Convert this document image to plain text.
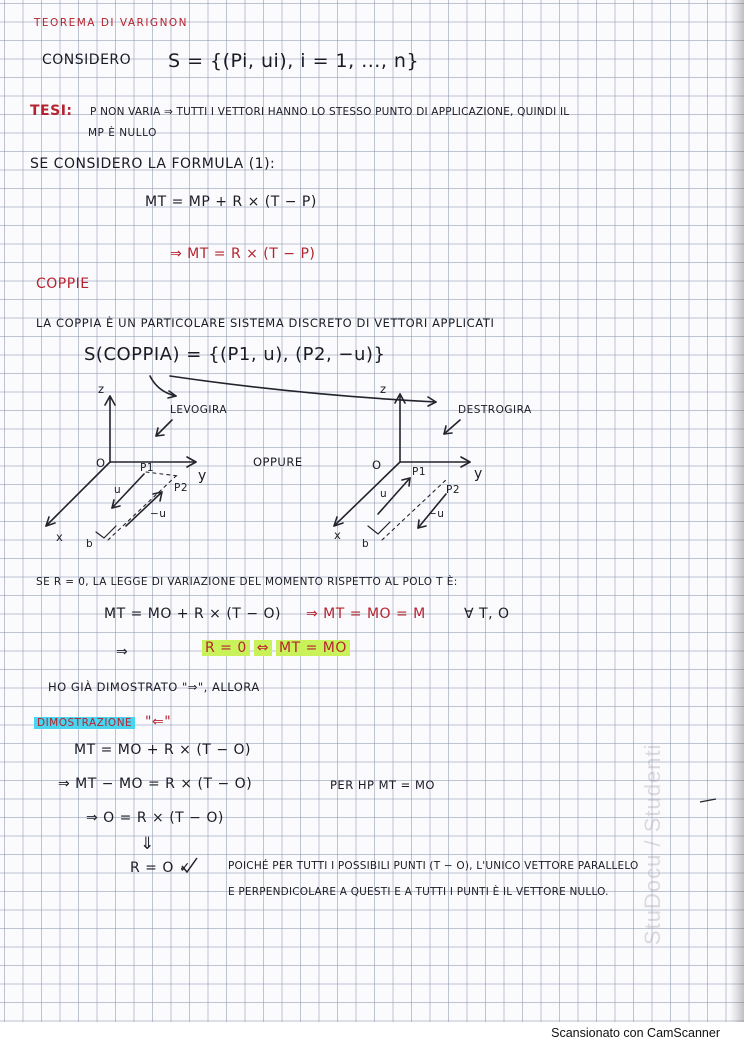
TEOREMA DI VARIGNON
CONSIDERO S = {(Pi, ui), i = 1, ..., n}
TESI: P NON VARIA ⇒ TUTTI I VETTORI HANNO LO STESSO PUNTO DI APPLICAZIONE, QUINDI IL
MP È NULLO
SE CONSIDERO LA FORMULA (1):
MT = MP + R × (T − P)
⇒ MT = R × (T − P)
COPPIE
LA COPPIA È UN PARTICOLARE SISTEMA DISCRETO DI VETTORI APPLICATI
S(COPPIA) = {(P1, u), (P2, −u)}
LEVOGIRA	DESTROGIRA
OPPURE
z
y
x
O	P1
P2
u
−u
b
z
y
x
O	P1
P2
u
−u
b
SE R = 0, LA LEGGE DI VARIAZIONE DEL MOMENTO RISPETTO AL POLO T È:
MT = MO + R × (T − O) ⇒ MT = MO = M	∀ T, O
⇒	R = 0 ⇔ MT = MO
HO GIÀ DIMOSTRATO "⇒", ALLORA
DIMOSTRAZIONE "⇐"
MT = MO + R × (T − O)
⇒ MT − MO = R × (T − O)	PER HP MT = MO
⇒ O = R × (T − O)
⇓
R = O ✓	POICHÉ PER TUTTI I POSSIBILI PUNTI (T − O), L'UNICO VETTORE PARALLELO
E PERPENDICOLARE A QUESTI E A TUTTI I PUNTI È IL VETTORE NULLO. StuDocu / Studenti
Scansionato con CamScanner
